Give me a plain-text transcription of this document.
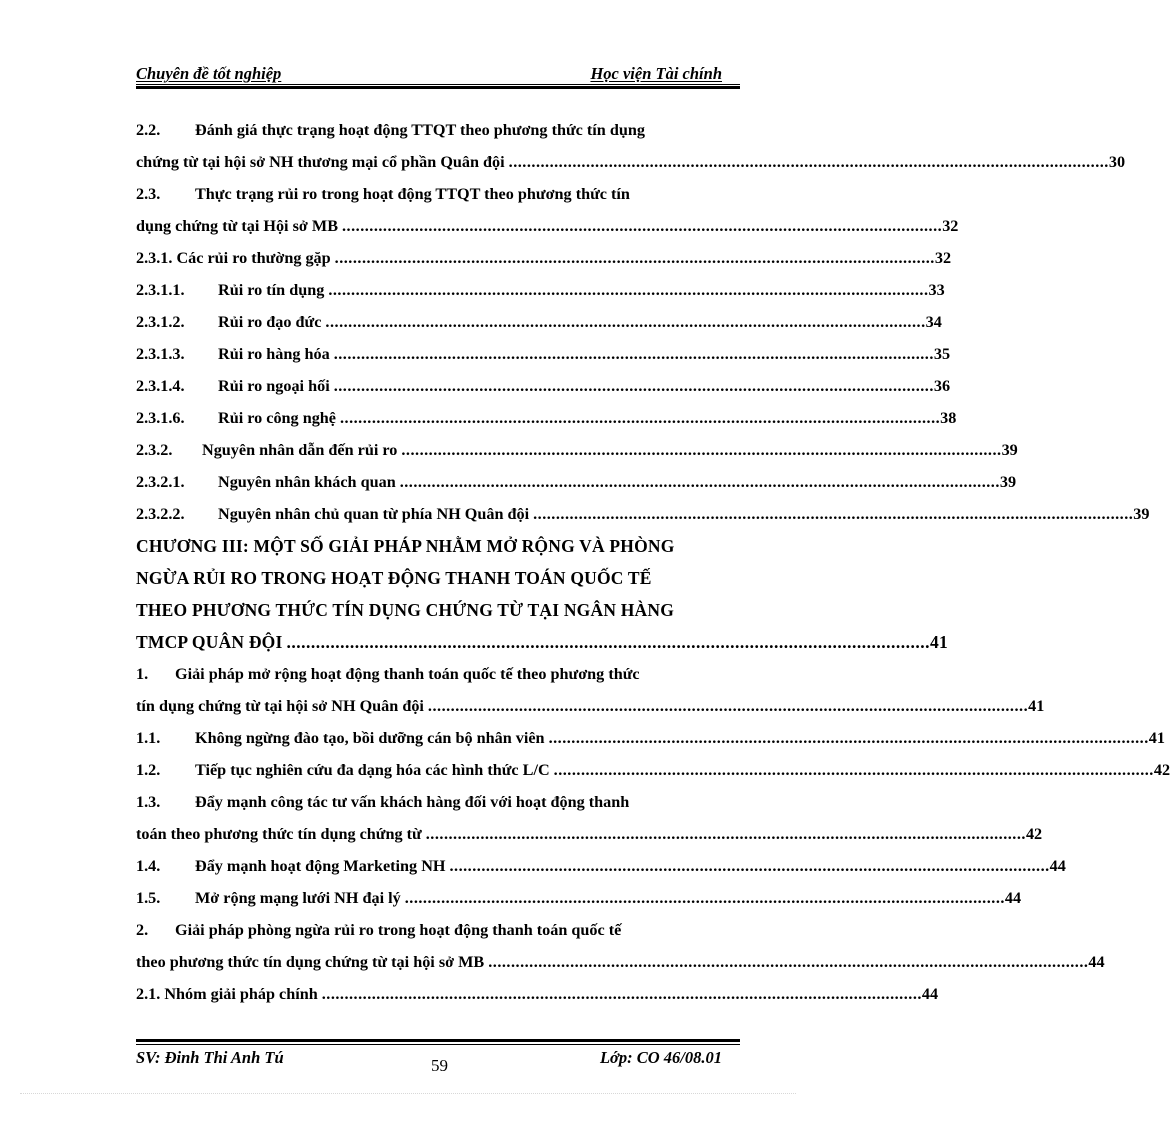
Chuyên đề tốt nghiệp	Học viện Tài chính
2.2.	Đánh giá thực trạng hoạt động TTQT theo phương thức tín dụng
chứng từ tại hội sở NH thương mại cổ phần Quân đội .................................................................................................................................... 30
2.3.	Thực trạng rủi ro trong hoạt động TTQT theo phương thức tín
dụng chứng từ tại Hội sở MB .................................................................................................................................... 32
2.3.1. Các rủi ro thường gặp .................................................................................................................................... 32
2.3.1.1.	Rủi ro tín dụng .................................................................................................................................... 33
2.3.1.2.	Rủi ro đạo đức .................................................................................................................................... 34
2.3.1.3.	Rủi ro hàng hóa .................................................................................................................................... 35
2.3.1.4.	Rủi ro ngoại hối .................................................................................................................................... 36
2.3.1.6.	Rủi ro công nghệ .................................................................................................................................... 38
2.3.2.	Nguyên nhân dẫn đến rủi ro .................................................................................................................................... 39
2.3.2.1.	Nguyên nhân khách quan .................................................................................................................................... 39
2.3.2.2.	Nguyên nhân chủ quan từ phía NH Quân đội .................................................................................................................................... 39
CHƯƠNG III: MỘT SỐ GIẢI PHÁP NHẰM MỞ RỘNG VÀ PHÒNG
NGỪA RỦI RO TRONG HOẠT ĐỘNG THANH TOÁN QUỐC TẾ
THEO PHƯƠNG THỨC TÍN DỤNG CHỨNG TỪ TẠI NGÂN HÀNG
TMCP QUÂN ĐỘI .................................................................................................................................... 41
1.	Giải pháp mở rộng hoạt động thanh toán quốc tế theo phương thức
tín dụng chứng từ tại hội sở NH Quân đội .................................................................................................................................... 41
1.1.	Không ngừng đào tạo, bồi dưỡng cán bộ nhân viên .................................................................................................................................... 41
1.2.	Tiếp tục nghiên cứu đa dạng hóa các hình thức L/C .................................................................................................................................... 42
1.3.	Đẩy mạnh công tác tư vấn khách hàng đối với hoạt động thanh
toán theo phương thức tín dụng chứng từ .................................................................................................................................... 42
1.4.	Đẩy mạnh hoạt động Marketing NH .................................................................................................................................... 44
1.5.	Mở rộng mạng lưới NH đại lý .................................................................................................................................... 44
2.	Giải pháp phòng ngừa rủi ro trong hoạt động thanh toán quốc tế
theo phương thức tín dụng chứng từ tại hội sở MB .................................................................................................................................... 44
2.1. Nhóm giải pháp chính .................................................................................................................................... 44
SV: Đinh Thi Anh Tú	59	Lớp: CO 46/08.01
